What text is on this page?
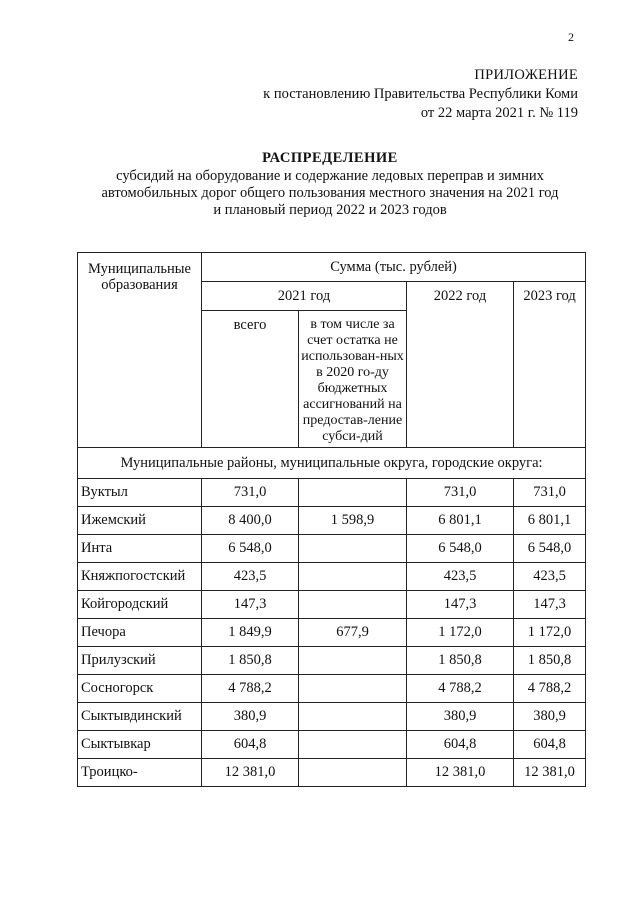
2
ПРИЛОЖЕНИЕ
к постановлению Правительства Республики Коми
от 22 марта 2021 г. № 119
РАСПРЕДЕЛЕНИЕ
субсидий на оборудование и содержание ледовых переправ и зимних
автомобильных дорог общего пользования местного значения на 2021 год
и плановый период 2022 и 2023 годов
Муниципальные образования	Сумма (тыс. рублей)			
	2021 год		2022 год	2023 год
	всего	в том числе за счет остатка не использован-ных в 2020 го-ду бюджетных ассигнований на предостав-ление субси-дий		
Муниципальные районы, муниципальные округа, городские округа:				
Вуктыл	731,0		731,0	731,0
Ижемский	8 400,0	1 598,9	6 801,1	6 801,1
Инта	6 548,0		6 548,0	6 548,0
Княжпогостский	423,5		423,5	423,5
Койгородский	147,3		147,3	147,3
Печора	1 849,9	677,9	1 172,0	1 172,0
Прилузский	1 850,8		1 850,8	1 850,8
Сосногорск	4 788,2		4 788,2	4 788,2
Сыктывдинский	380,9		380,9	380,9
Сыктывкар	604,8		604,8	604,8
Троицко-	12 381,0		12 381,0	12 381,0
